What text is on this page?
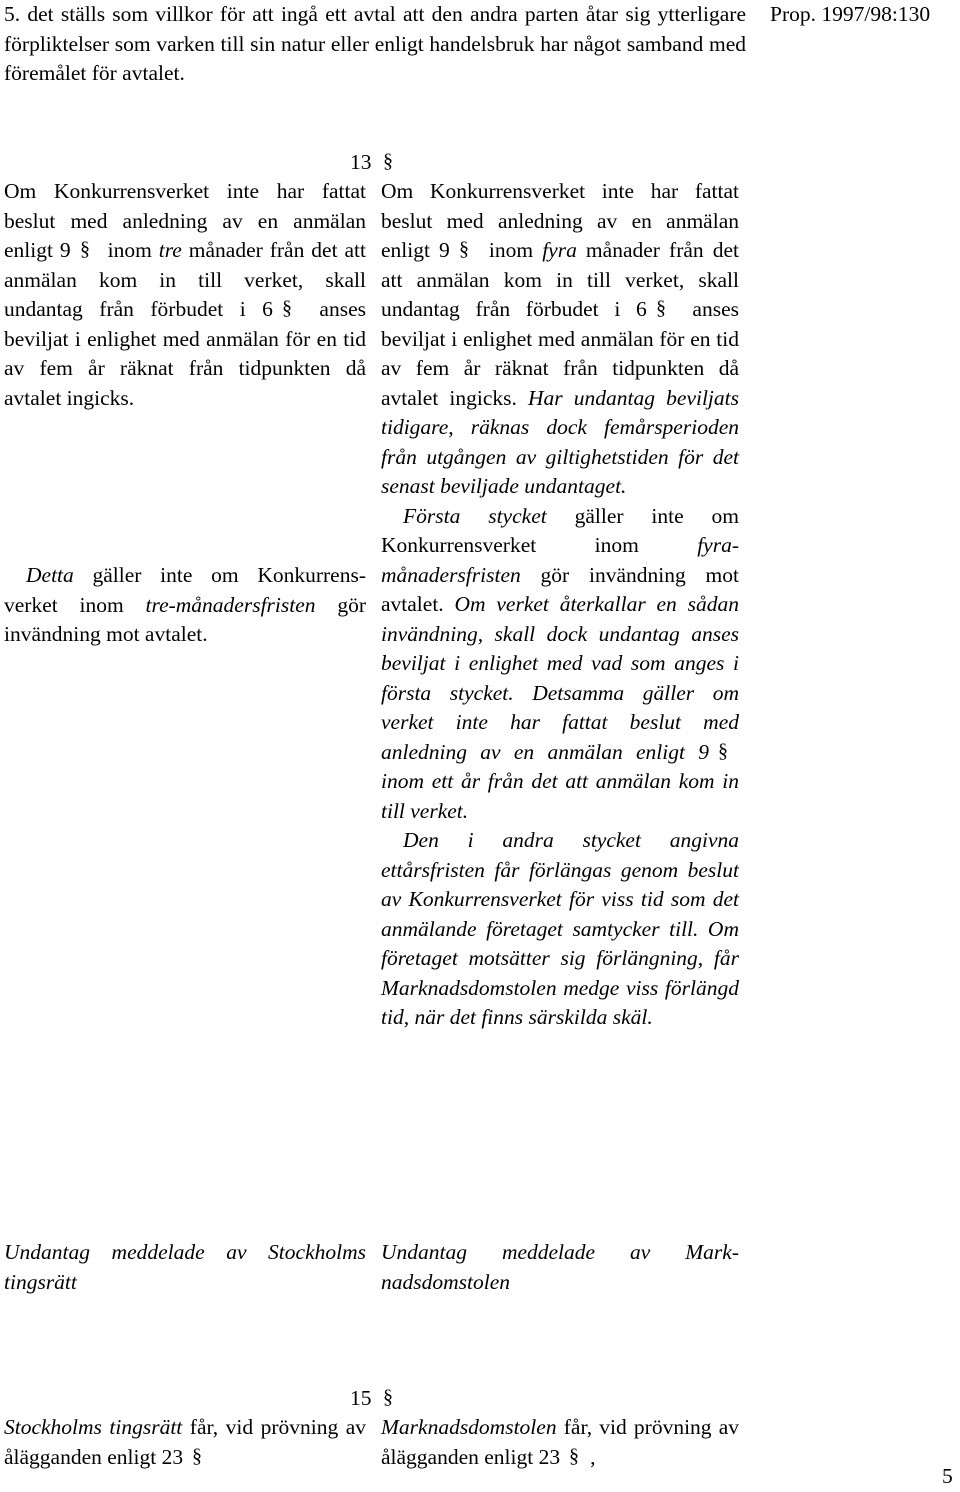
5. det ställs som villkor för att ingå ett avtal att den andra parten åtar sig ytterligare förpliktelser som varken till sin natur eller enligt handelsbruk har något samband med föremålet för avtalet.
Prop. 1997/98:130
13

Om Konkurrensverket inte har fattat beslut med anledning av en anmälan enligt 9 inom tre månader från det att anmälan kom in till verket, skall undantag från förbudet i 6 anses beviljat i enlighet med anmälan för en tid av fem år räknat från tidpunkten då avtalet ingicks.

Detta gäller inte om Konkurrens-verket inom tre-månadersfristen gör invändning mot avtalet.

Om Konkurrensverket inte har fattat beslut med anledning av en anmälan enligt 9 inom fyra månader från det att anmälan kom in till verket, skall undantag från förbudet i 6 anses beviljat i enlighet med anmälan för en tid av fem år räknat från tidpunkten då avtalet ingicks. Har undantag beviljats tidigare, räknas dock femårsperioden från utgången av giltighetstiden för det senast beviljade undantaget.

Första stycket gäller inte om Konkurrensverket inom fyra-månadersfristen gör invändning mot avtalet. Om verket återkallar en sådan invändning, skall dock undantag anses beviljat i enlighet med vad som anges i första stycket. Detsamma gäller om verket inte har fattat beslut med anledning av en anmälan enligt 9 inom ett år från det att anmälan kom in till verket.

Den i andra stycket angivna ettårsfristen får förlängas genom beslut av Konkurrensverket för viss tid som det anmälande företaget samtycker till. Om företaget motsätter sig förlängning, får Marknadsdomstolen medge viss förlängd tid, när det finns särskilda skäl.

Undantag meddelade av Stockholms tingsrätt
Undantag meddelade av Mark-nadsdomstolen
15
Stockholms tingsrätt får, vid prövning av ålägganden enligt 23
Marknadsdomstolen får, vid prövning av ålägganden enligt 23 ,
5
